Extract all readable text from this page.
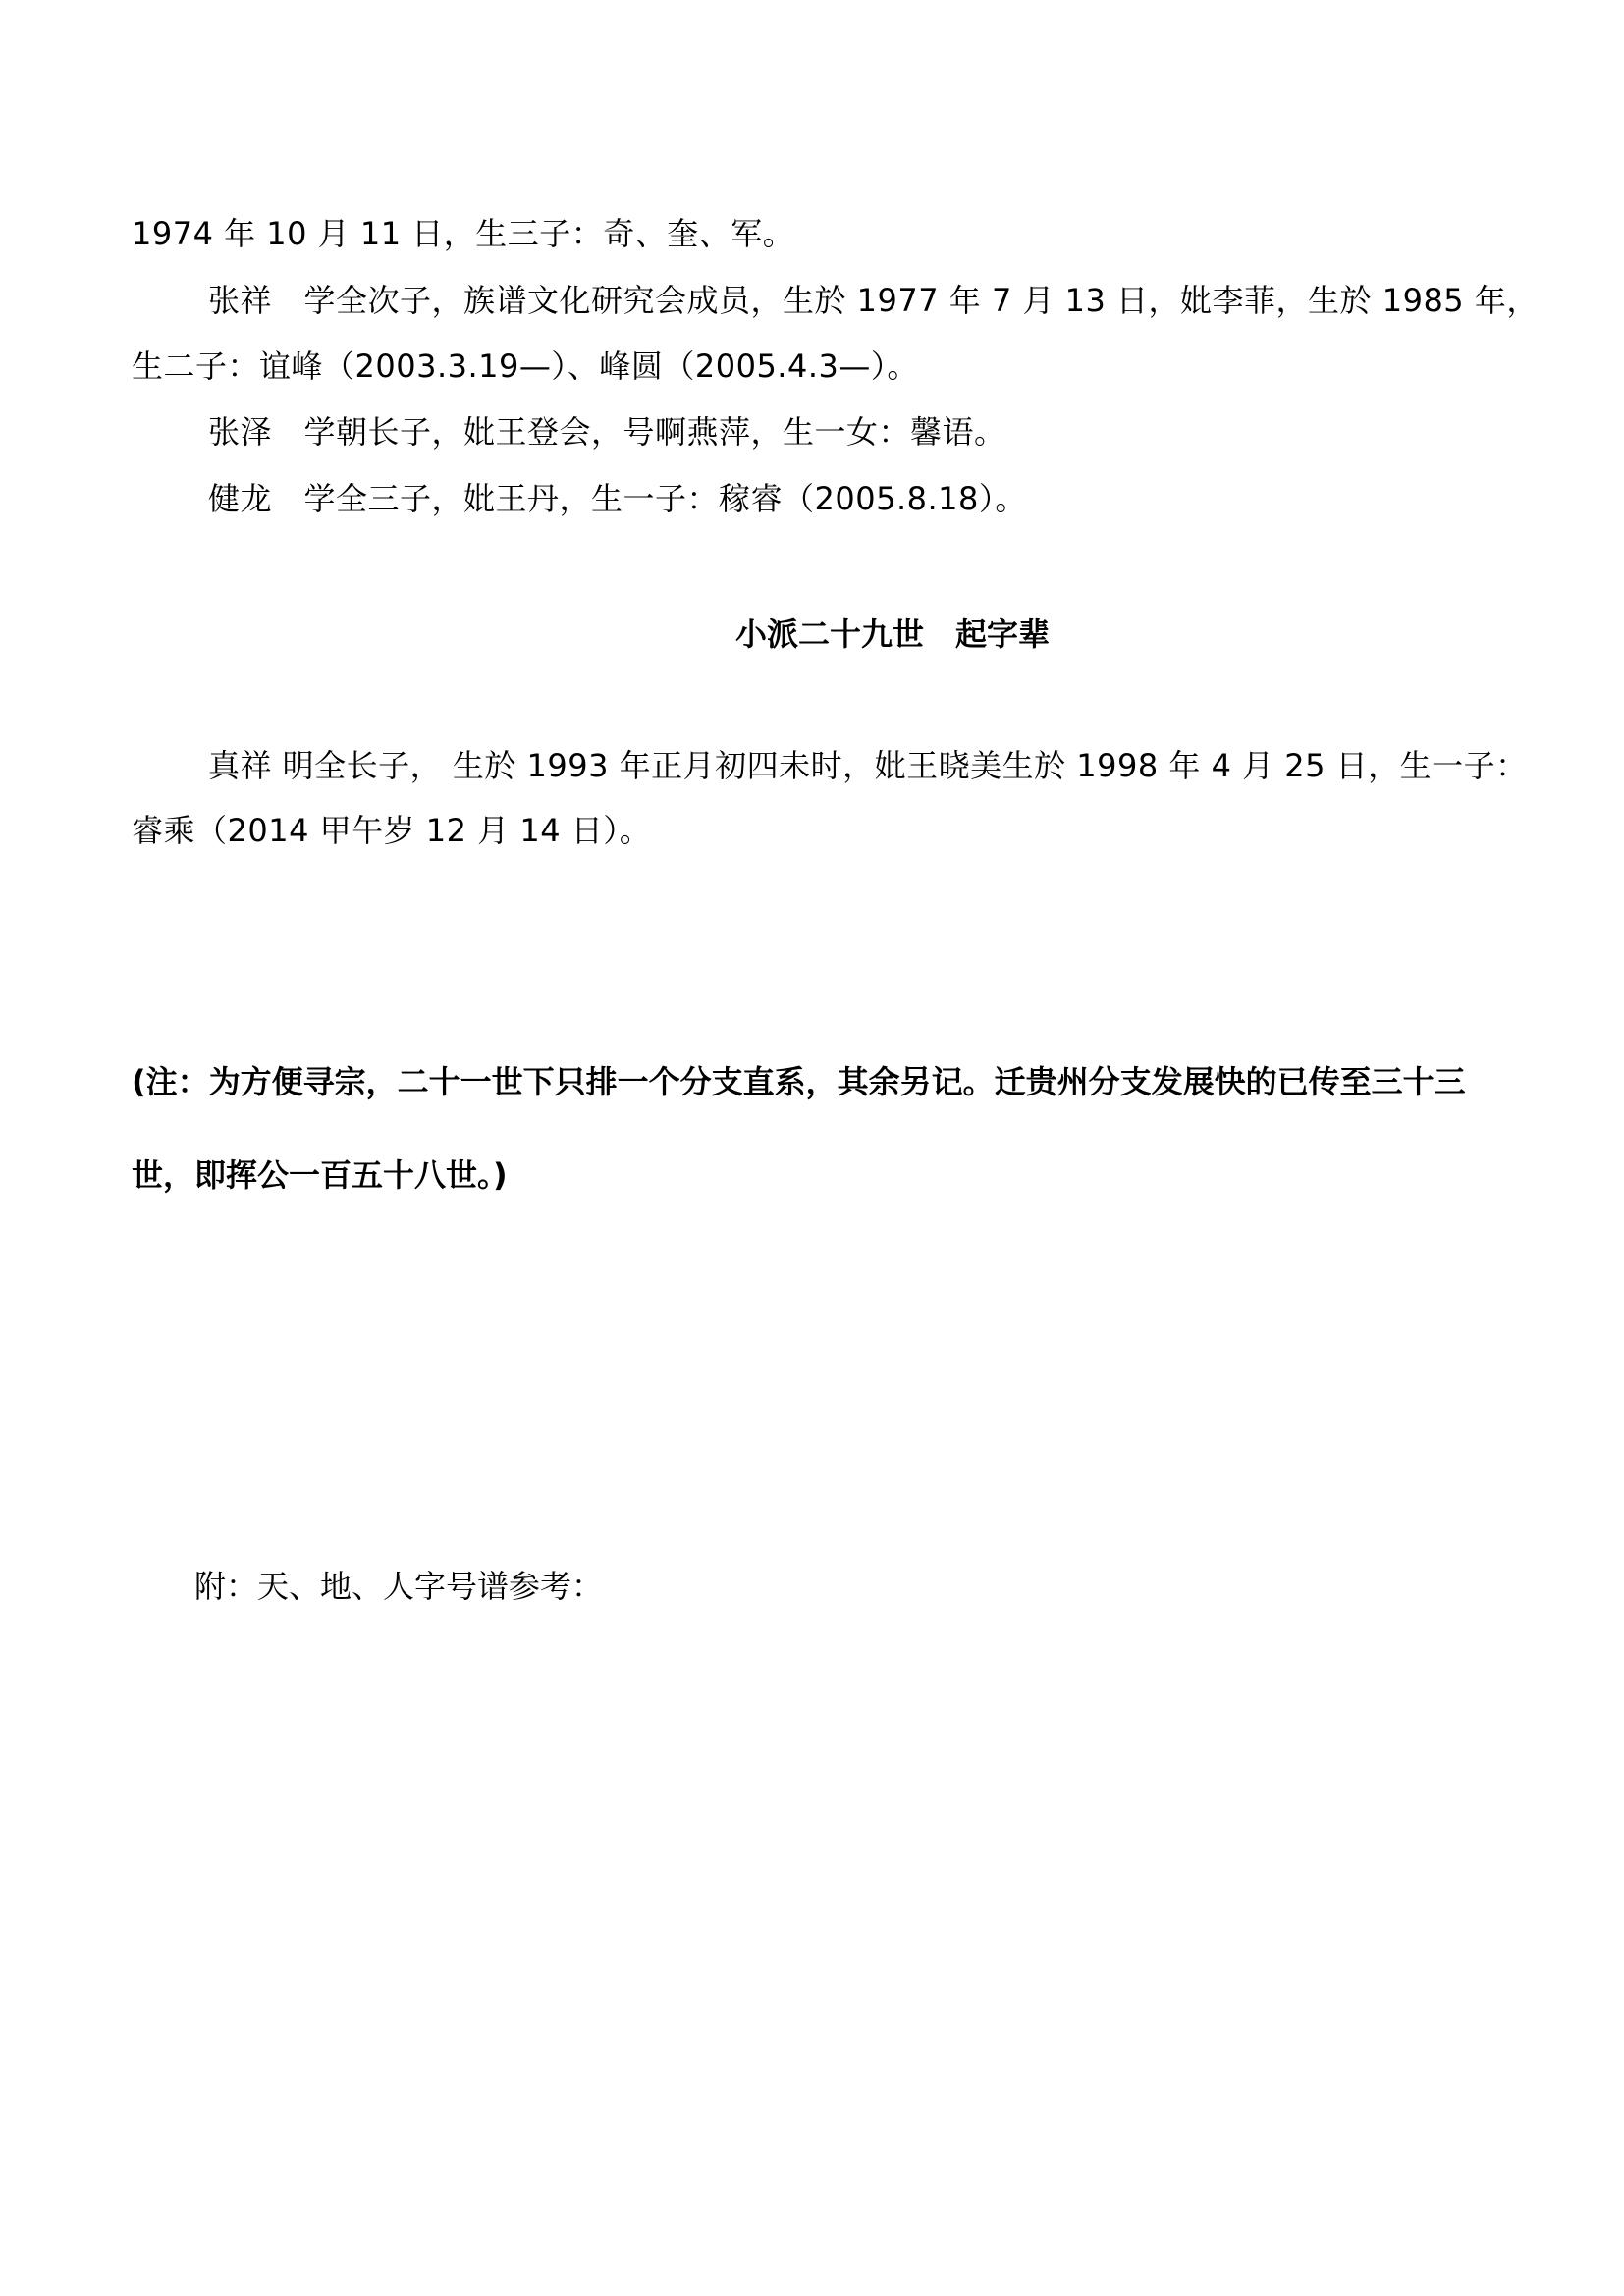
1974 年 10 月 11 日，生三子：奇、奎、军。
张祥　学全次子，族谱文化研究会成员，生於 1977 年 7 月 13 日，妣李菲，生於 1985 年，
生二子：谊峰（2003.3.19—）、峰圆（2005.4.3—）。
张泽　学朝长子，妣王登会，号啊燕萍，生一女：馨语。
健龙　学全三子，妣王丹，生一子：稼睿（2005.8.18）。
小派二十九世　起字辈
真祥 明全长子， 生於 1993 年正月初四未时，妣王晓美生於 1998 年 4 月 25 日，生一子：
睿乘（2014 甲午岁 12 月 14 日）。
(注：为方便寻宗，二十一世下只排一个分支直系，其余另记。迁贵州分支发展快的已传至三十三
世，即挥公一百五十八世。)
附：天、地、人字号谱参考：
